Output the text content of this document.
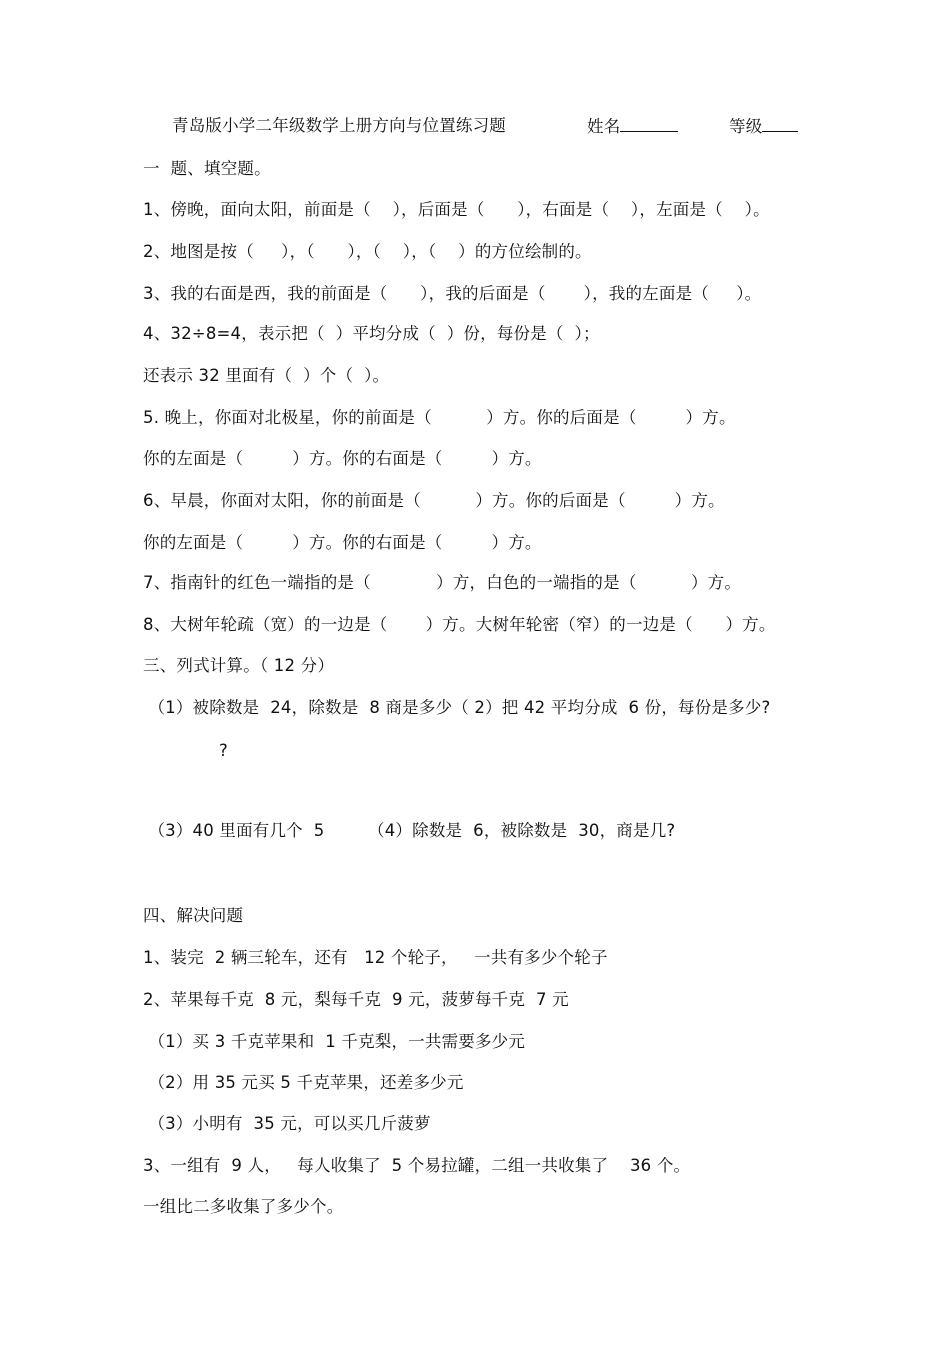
青岛版小学二年级数学上册方向与位置练习题	姓名	等级
一  题、填空题。
1、傍晚，面向太阳，前面是（    ），后面是（      ），右面是（    ），左面是（    ）。
2、地图是按（     ），（      ），（    ），（    ）的方位绘制的。
3、我的右面是西，我的前面是（      ），我的后面是（       ），我的左面是（     ）。
4、32÷8=4，表示把（  ）平均分成（  ）份，每份是（  ）；
还表示 32 里面有（  ）个（  ）。
5. 晚上，你面对北极星，你的前面是（          ）方。你的后面是（         ）方。
你的左面是（         ）方。你的右面是（         ）方。
6、早晨，你面对太阳，你的前面是（          ）方。你的后面是（         ）方。
你的左面是（         ）方。你的右面是（         ）方。
7、指南针的红色一端指的是（            ）方，白色的一端指的是（          ）方。
8、大树年轮疏（宽）的一边是（       ）方。大树年轮密（窄）的一边是（      ）方。
三、列式计算。（ 12 分）
（1）被除数是  24，除数是  8 商是多少（ 2）把 42 平均分成  6 份，每份是多少?
?
（3）40 里面有几个  5        （4）除数是  6，被除数是  30，商是几?
四、解决问题
1、装完  2 辆三轮车，还有   12 个轮子，   一共有多少个轮子
2、苹果每千克  8 元，梨每千克  9 元，菠萝每千克  7 元
（1）买 3 千克苹果和  1 千克梨，一共需要多少元
（2）用 35 元买 5 千克苹果，还差多少元
（3）小明有  35 元，可以买几斤菠萝
3、一组有  9 人，   每人收集了  5 个易拉罐，二组一共收集了    36 个。
一组比二多收集了多少个。
